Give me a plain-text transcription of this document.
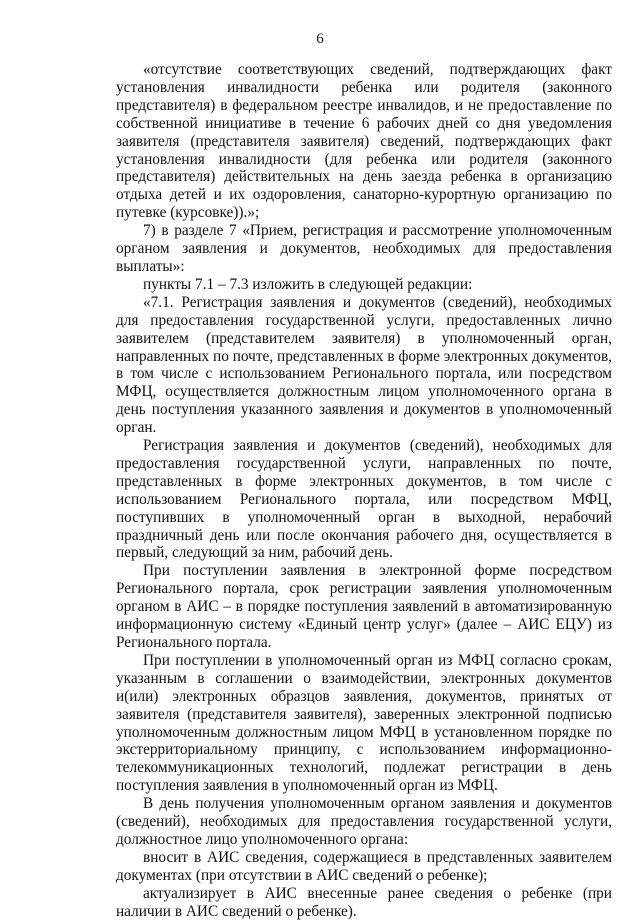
6

«отсутствие соответствующих сведений, подтверждающих факт установления инвалидности ребенка или родителя (законного представителя) в федеральном реестре инвалидов, и не предоставление по собственной инициативе в течение 6 рабочих дней со дня уведомления заявителя (представителя заявителя) сведений, подтверждающих факт установления инвалидности (для ребенка или родителя (законного представителя) действительных на день заезда ребенка в организацию отдыха детей и их оздоровления, санаторно-курортную организацию по путевке (курсовке)).»;

7) в разделе 7 «Прием, регистрация и рассмотрение уполномоченным органом заявления и документов, необходимых для предоставления выплаты»:

пункты 7.1 – 7.3 изложить в следующей редакции:

«7.1. Регистрация заявления и документов (сведений), необходимых для предоставления государственной услуги, предоставленных лично заявителем (представителем заявителя) в уполномоченный орган, направленных по почте, представленных в форме электронных документов, в том числе с использованием Регионального портала, или посредством МФЦ, осуществляется должностным лицом уполномоченного органа в день поступления указанного заявления и документов в уполномоченный орган.

Регистрация заявления и документов (сведений), необходимых для предоставления государственной услуги, направленных по почте, представленных в форме электронных документов, в том числе с использованием Регионального портала, или посредством МФЦ, поступивших в уполномоченный орган в выходной, нерабочий праздничный день или после окончания рабочего дня, осуществляется в первый, следующий за ним, рабочий день.

При поступлении заявления в электронной форме посредством Регионального портала, срок регистрации заявления уполномоченным органом в АИС – в порядке поступления заявлений в автоматизированную информационную систему «Единый центр услуг» (далее – АИС ЕЦУ) из Регионального портала.

При поступлении в уполномоченный орган из МФЦ согласно срокам, указанным в соглашении о взаимодействии, электронных документов и(или) электронных образцов заявления, документов, принятых от заявителя (представителя заявителя), заверенных электронной подписью уполномоченным должностным лицом МФЦ в установленном порядке по экстерриториальному принципу, с использованием информационно-телекоммуникационных технологий, подлежат регистрации в день поступления заявления в уполномоченный орган из МФЦ.

В день получения уполномоченным органом заявления и документов (сведений), необходимых для предоставления государственной услуги, должностное лицо уполномоченного органа:

вносит в АИС сведения, содержащиеся в представленных заявителем документах (при отсутствии в АИС сведений о ребенке);

актуализирует в АИС внесенные ранее сведения о ребенке (при наличии в АИС сведений о ребенке).
